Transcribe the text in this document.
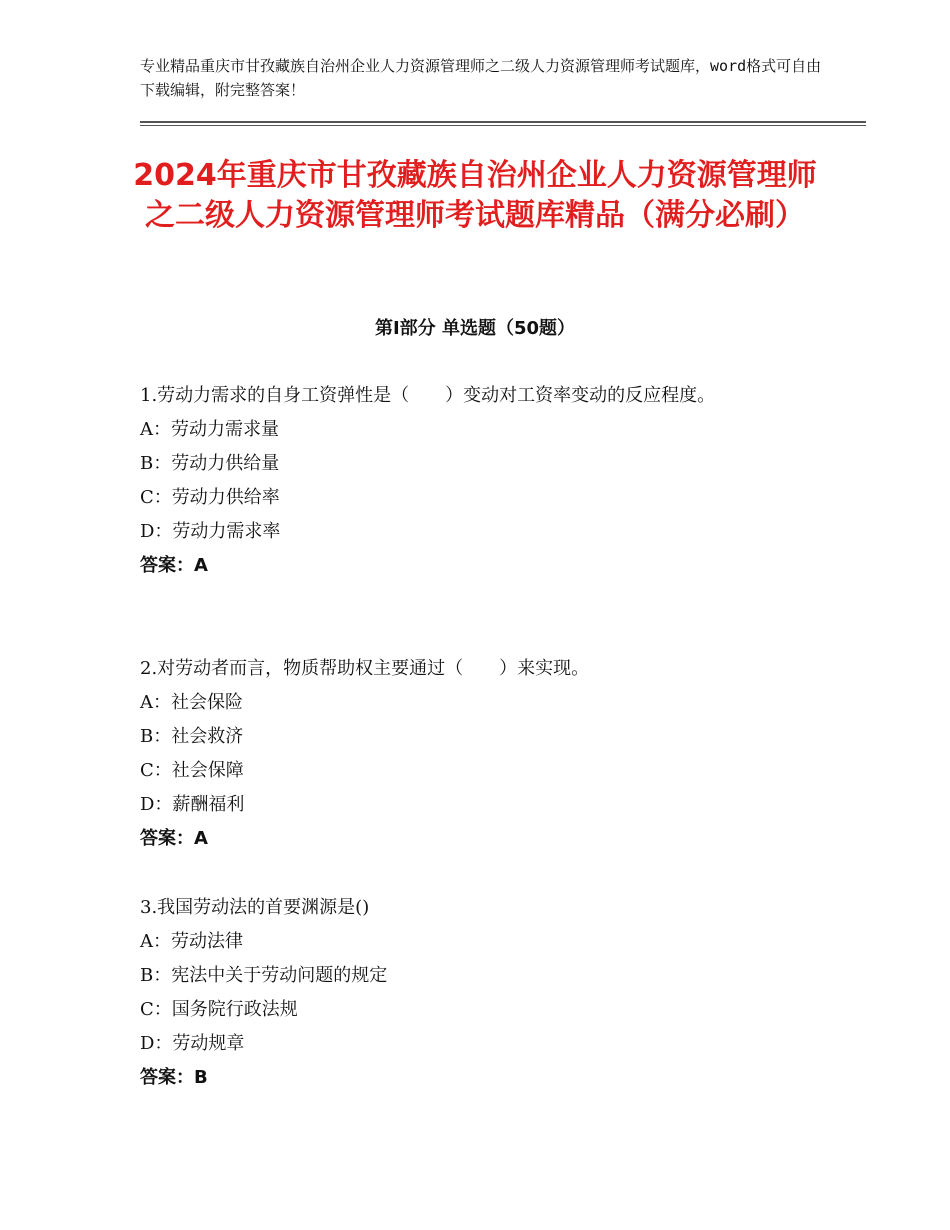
专业精品重庆市甘孜藏族自治州企业人力资源管理师之二级人力资源管理师考试题库，word格式可自由下载编辑，附完整答案！
2024年重庆市甘孜藏族自治州企业人力资源管理师之二级人力资源管理师考试题库精品（满分必刷）
第Ⅰ部分 单选题（50题）
1.劳动力需求的自身工资弹性是（　　）变动对工资率变动的反应程度。
A：劳动力需求量
B：劳动力供给量
C：劳动力供给率
D：劳动力需求率
答案：A
2.对劳动者而言，物质帮助权主要通过（　　）来实现。
A：社会保险
B：社会救济
C：社会保障
D：薪酬福利
答案：A
3.我国劳动法的首要渊源是()
A：劳动法律
B：宪法中关于劳动问题的规定
C：国务院行政法规
D：劳动规章
答案：B
